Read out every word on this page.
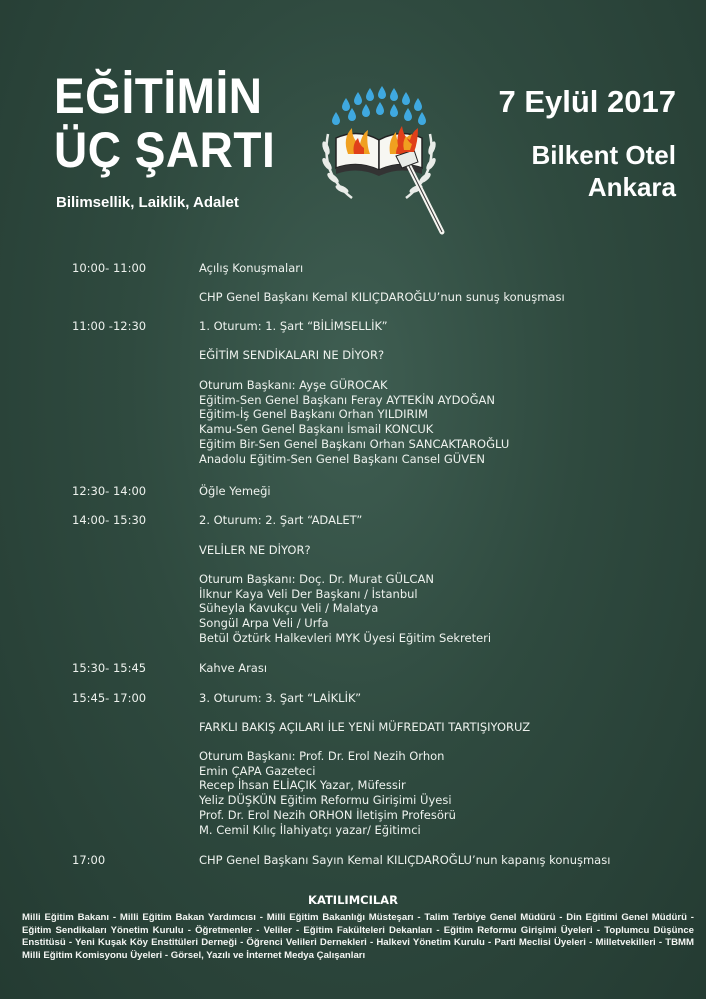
EĞİTİMİN
ÜÇ ŞARTI
Bilimsellik, Laiklik, Adalet
7 Eylül 2017
Bilkent Otel
Ankara
10:00- 11:00	Açılış Konuşmaları
CHP Genel Başkanı Kemal KILIÇDAROĞLU’nun sunuş konuşması
11:00 -12:30	1. Oturum: 1. Şart “BİLİMSELLİK”
EĞİTİM SENDİKALARI NE DİYOR?
Oturum Başkanı: Ayşe GÜROCAK
Eğitim-Sen Genel Başkanı Feray AYTEKİN AYDOĞAN
Eğitim-İş Genel Başkanı Orhan YILDIRIM
Kamu-Sen Genel Başkanı İsmail KONCUK
Eğitim Bir-Sen Genel Başkanı Orhan SANCAKTAROĞLU
Anadolu Eğitim-Sen Genel Başkanı Cansel GÜVEN
12:30- 14:00	Öğle Yemeği
14:00- 15:30	2. Oturum: 2. Şart “ADALET”
VELİLER NE DİYOR?
Oturum Başkanı: Doç. Dr. Murat GÜLCAN
İlknur Kaya Veli Der Başkanı / İstanbul
Süheyla Kavukçu Veli / Malatya
Songül Arpa Veli / Urfa
Betül Öztürk Halkevleri MYK Üyesi Eğitim Sekreteri
15:30- 15:45	Kahve Arası
15:45- 17:00	3. Oturum: 3. Şart “LAİKLİK”
FARKLI BAKIŞ AÇILARI İLE YENİ MÜFREDATI TARTIŞIYORUZ
Oturum Başkanı: Prof. Dr. Erol Nezih Orhon
Emin ÇAPA Gazeteci
Recep İhsan ELİAÇIK Yazar, Müfessir
Yeliz DÜŞKÜN Eğitim Reformu Girişimi Üyesi
Prof. Dr. Erol Nezih ORHON İletişim Profesörü
M. Cemil Kılıç İlahiyatçı yazar/ Eğitimci
17:00	CHP Genel Başkanı Sayın Kemal KILIÇDAROĞLU’nun kapanış konuşması
KATILIMCILAR
Milli Eğitim Bakanı - Milli Eğitim Bakan Yardımcısı - Milli Eğitim Bakanlığı Müsteşarı - Talim Terbiye Genel Müdürü - Din Eğitimi Genel Müdürü - Eğitim Sendikaları Yönetim Kurulu - Öğretmenler - Veliler - Eğitim Fakülteleri Dekanları - Eğitim Reformu Girişimi Üyeleri - Toplumcu Düşünce Enstitüsü - Yeni Kuşak Köy Enstitüleri Derneği - Öğrenci Velileri Dernekleri - Halkevi Yönetim Kurulu - Parti Meclisi Üyeleri - Milletvekilleri - TBMM Milli Eğitim Komisyonu Üyeleri - Görsel, Yazılı ve İnternet Medya Çalışanları
